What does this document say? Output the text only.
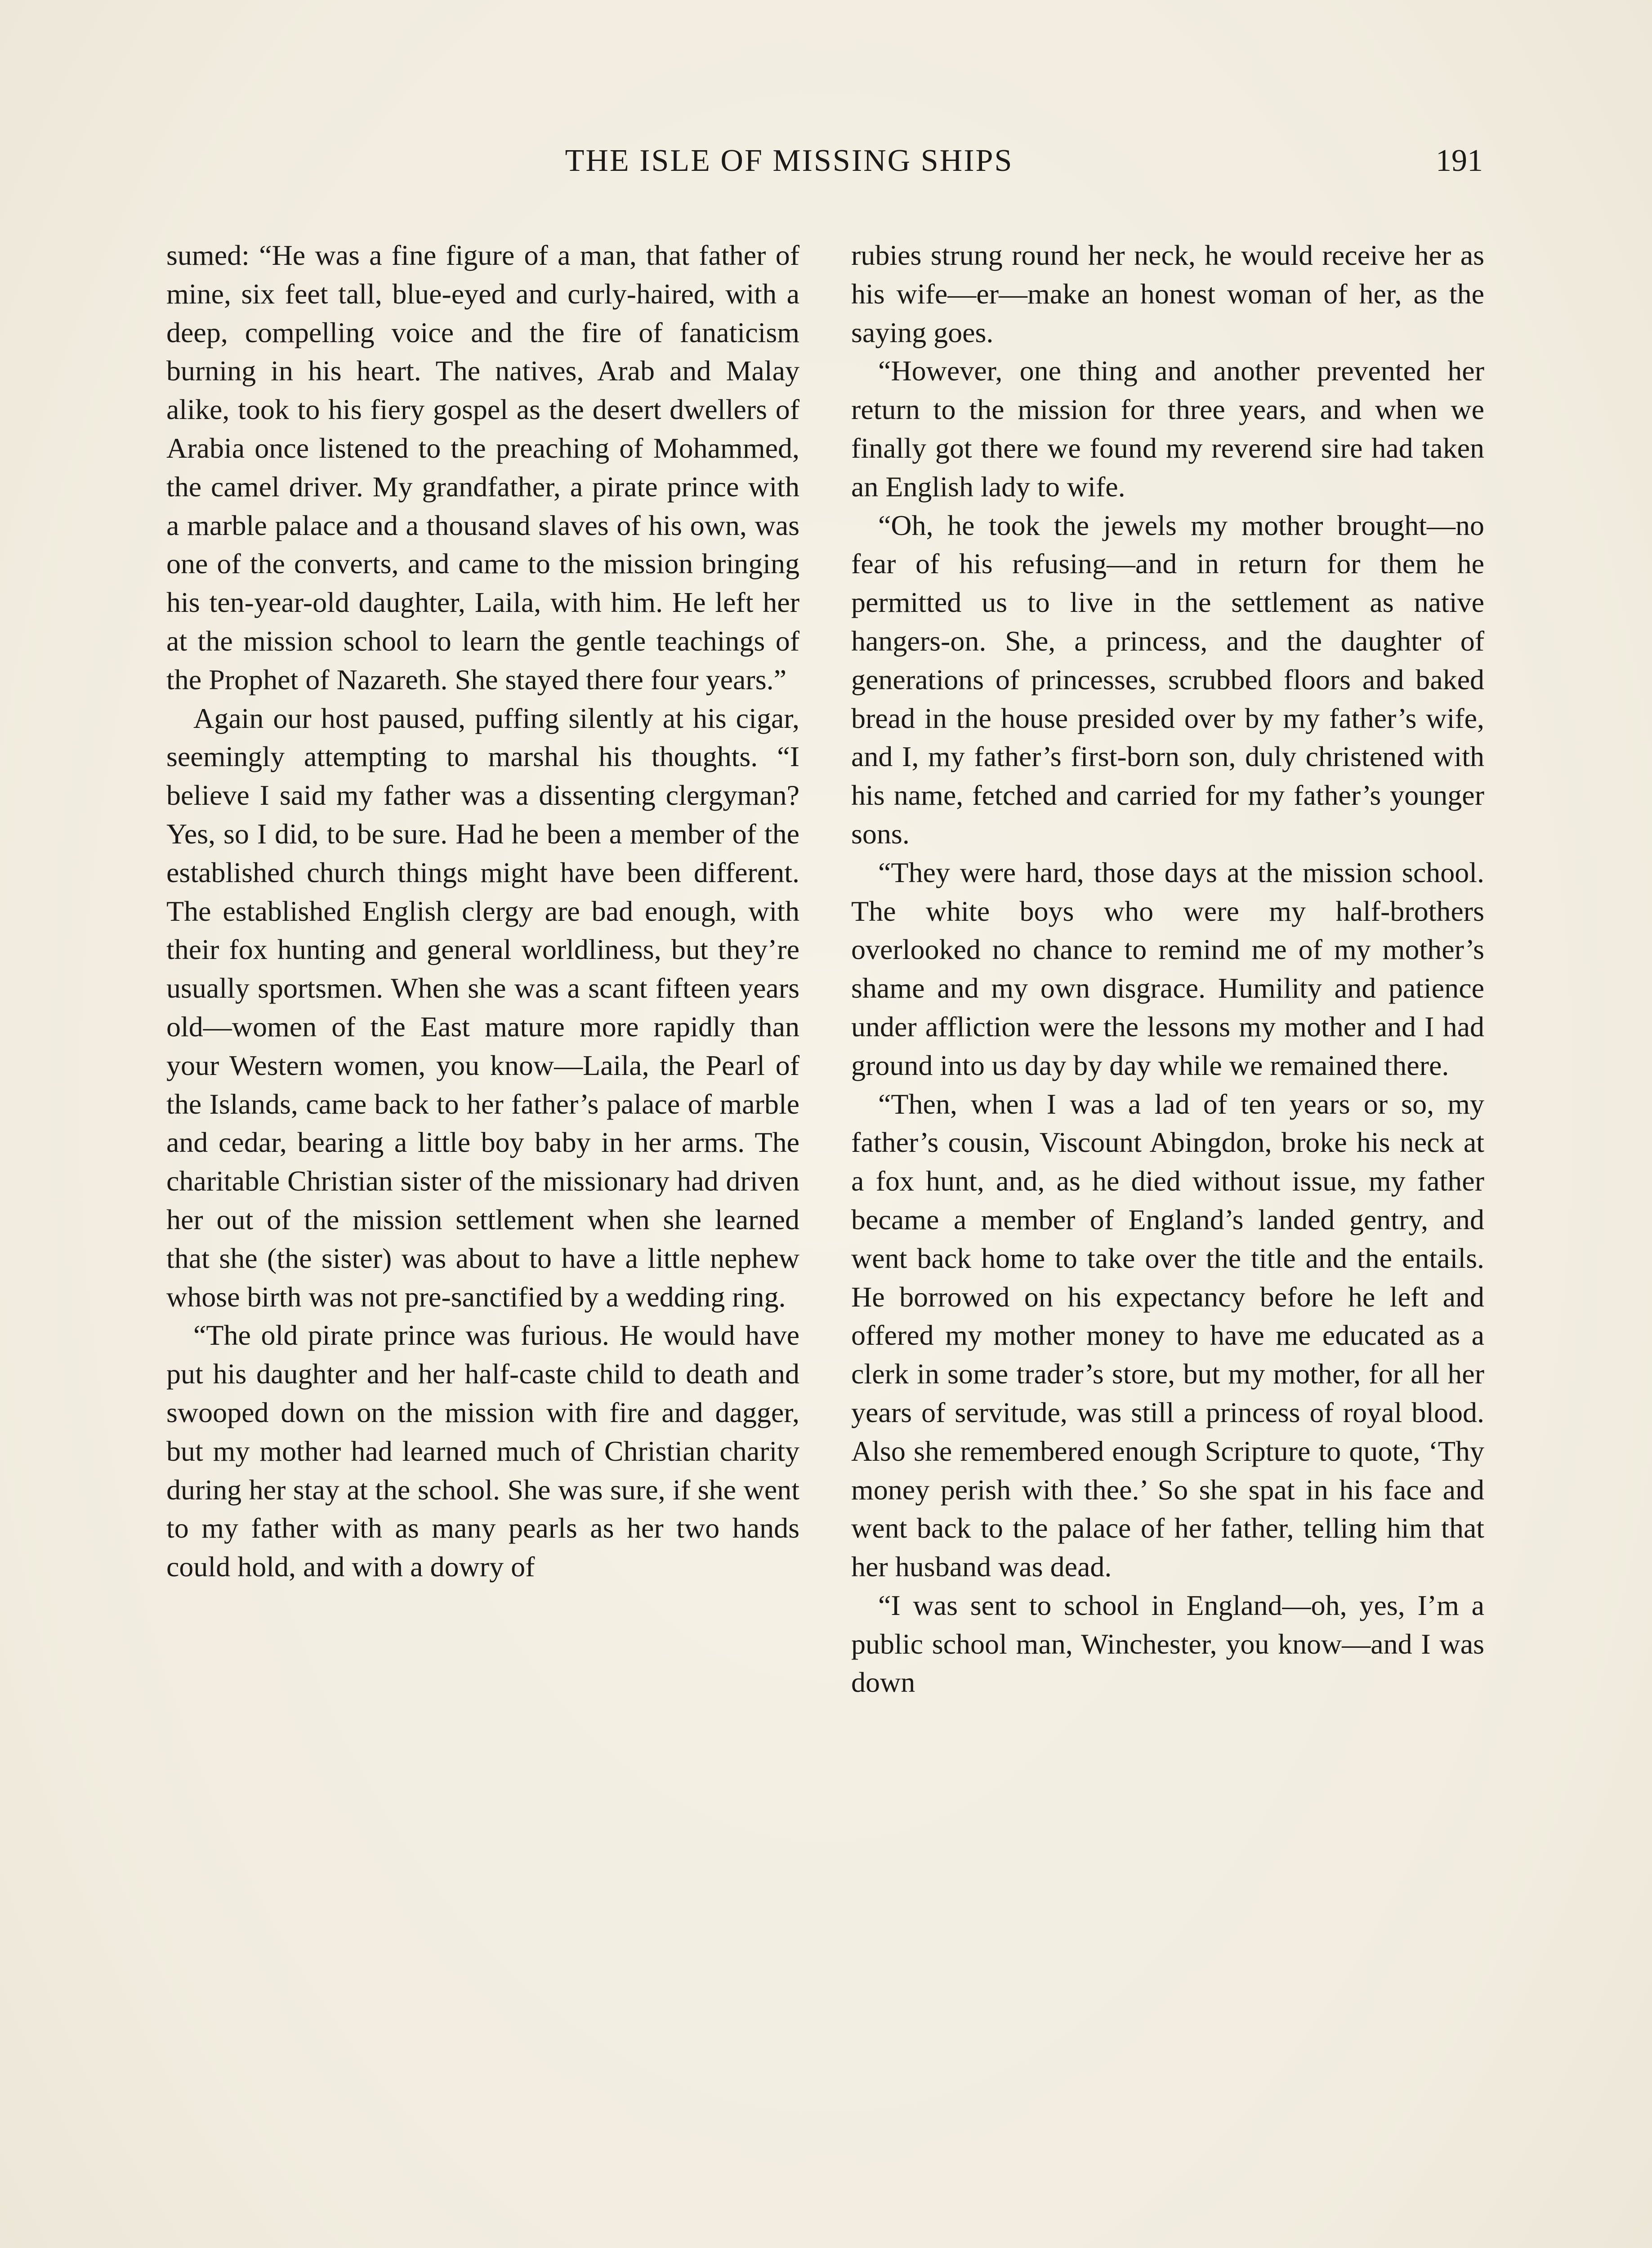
THE ISLE OF MISSING SHIPS	191

sumed: “He was a fine figure of a man, that father of mine, six feet tall, blue-eyed and curly-haired, with a deep, compelling voice and the fire of fanaticism burning in his heart. The natives, Arab and Malay alike, took to his fiery gospel as the desert dwellers of Arabia once listened to the preaching of Mohammed, the camel driver. My grandfather, a pirate prince with a marble palace and a thousand slaves of his own, was one of the converts, and came to the mission bringing his ten-year-old daughter, Laila, with him. He left her at the mission school to learn the gentle teachings of the Prophet of Nazareth. She stayed there four years.”

Again our host paused, puffing silently at his cigar, seemingly attempting to marshal his thoughts. “I believe I said my father was a dissenting clergyman? Yes, so I did, to be sure. Had he been a member of the established church things might have been different. The established English clergy are bad enough, with their fox hunting and general worldliness, but they’re usually sportsmen. When she was a scant fifteen years old—women of the East mature more rapidly than your Western women, you know—Laila, the Pearl of the Islands, came back to her father’s palace of marble and cedar, bearing a little boy baby in her arms. The charitable Christian sister of the missionary had driven her out of the mission settlement when she learned that she (the sister) was about to have a little nephew whose birth was not pre-sanctified by a wedding ring.

“The old pirate prince was furious. He would have put his daughter and her half-caste child to death and swooped down on the mission with fire and dagger, but my mother had learned much of Christian charity during her stay at the school. She was sure, if she went to my father with as many pearls as her two hands could hold, and with a dowry of

rubies strung round her neck, he would receive her as his wife—er—make an honest woman of her, as the saying goes.

“However, one thing and another prevented her return to the mission for three years, and when we finally got there we found my reverend sire had taken an English lady to wife.

“Oh, he took the jewels my mother brought—no fear of his refusing—and in return for them he permitted us to live in the settlement as native hangers-on. She, a princess, and the daughter of generations of princesses, scrubbed floors and baked bread in the house presided over by my father’s wife, and I, my father’s first-born son, duly christened with his name, fetched and carried for my father’s younger sons.

“They were hard, those days at the mission school. The white boys who were my half-brothers overlooked no chance to remind me of my mother’s shame and my own disgrace. Humility and patience under affliction were the lessons my mother and I had ground into us day by day while we remained there.

“Then, when I was a lad of ten years or so, my father’s cousin, Viscount Abingdon, broke his neck at a fox hunt, and, as he died without issue, my father became a member of England’s landed gentry, and went back home to take over the title and the entails. He borrowed on his expectancy before he left and offered my mother money to have me educated as a clerk in some trader’s store, but my mother, for all her years of servitude, was still a princess of royal blood. Also she remembered enough Scripture to quote, ‘Thy money perish with thee.’ So she spat in his face and went back to the palace of her father, telling him that her husband was dead.

“I was sent to school in England—oh, yes, I’m a public school man, Winchester, you know—and I was down
